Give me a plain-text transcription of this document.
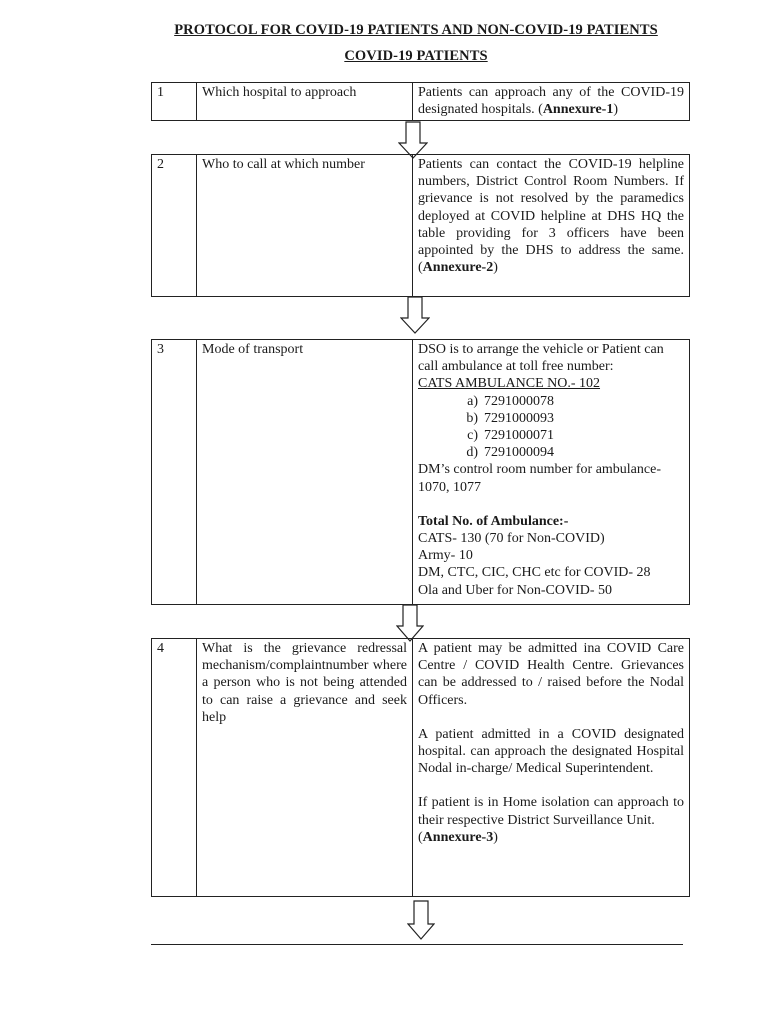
PROTOCOL FOR COVID-19 PATIENTS AND NON-COVID-19 PATIENTS
COVID-19 PATIENTS
1	Which hospital to approach	Patients can approach any of the COVID-19 designated hospitals. (Annexure-1)
2	Who to call at which number	Patients can contact the COVID-19 helpline numbers, District Control Room Numbers. If grievance is not resolved by the paramedics deployed at COVID helpline at DHS HQ the table providing for 3 officers have been appointed by the DHS to address the same. (Annexure-2)
3	Mode of transport	DSO is to arrange the vehicle or Patient can call ambulance at toll free number:
CATS AMBULANCE NO.- 102
a) 7291000078
b) 7291000093
c) 7291000071
d) 7291000094
DM’s control room number for ambulance- 1070, 1077
Total No. of Ambulance:-
CATS- 130 (70 for Non-COVID)
Army- 10
DM, CTC, CIC, CHC etc for COVID- 28
Ola and Uber for Non-COVID- 50
4	What is the grievance redressal mechanism/complaintnumber where a person who is not being attended to can raise a grievance and seek help	
A patient may be admitted ina COVID Care Centre / COVID Health Centre. Grievances can be addressed to / raised before the Nodal Officers.
A patient admitted in a COVID designated hospital. can approach the designated Hospital Nodal in-charge/ Medical Superintendent.
If patient is in Home isolation can approach to their respective District Surveillance Unit.
(Annexure-3)
